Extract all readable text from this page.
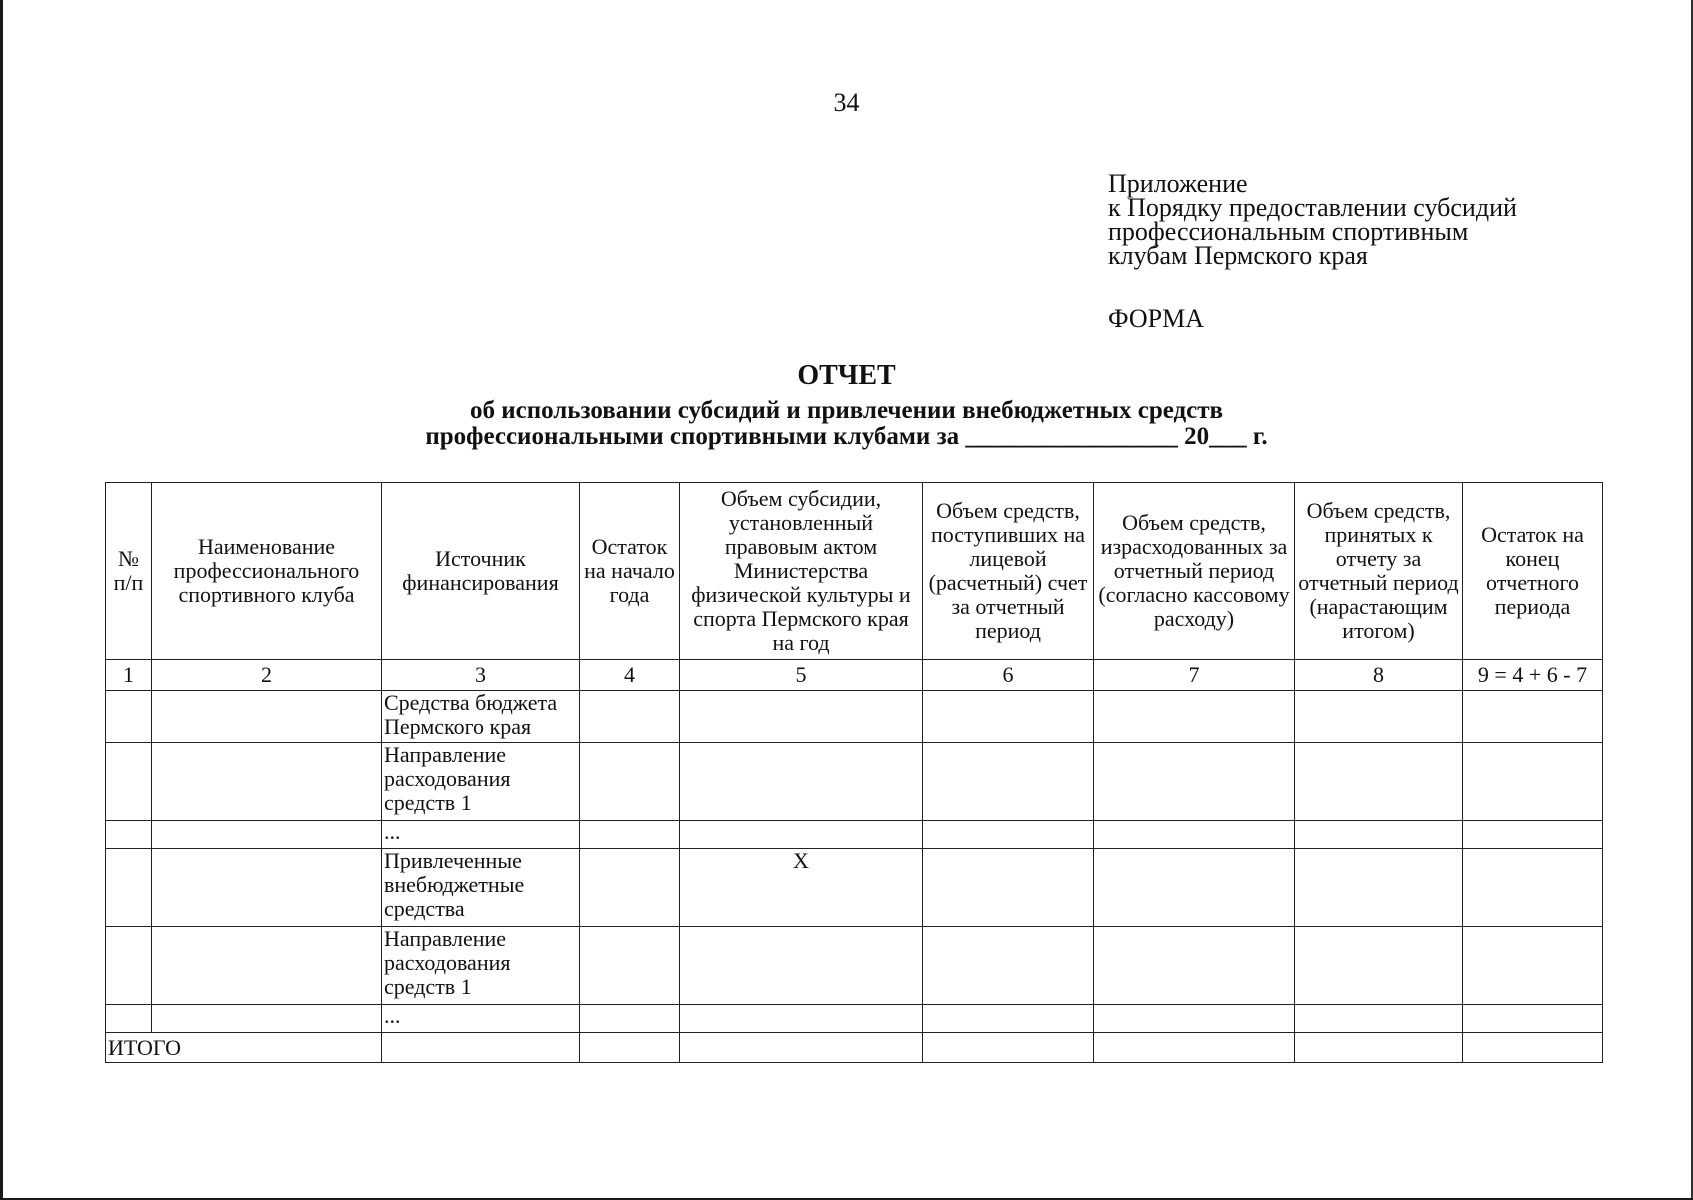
34
Приложение
к Порядку предоставлении субсидий
профессиональным спортивным
клубам Пермского края
ФОРМА
ОТЧЕТ
об использовании субсидий и привлечении внебюджетных средств
профессиональными спортивными клубами за _________________ 20___ г.
№ п/п	Наименование профессионального спортивного клуба	Источник финансирования	Остаток на начало года	Объем субсидии, установленный правовым актом Министерства физической культуры и спорта Пермского края на год	Объем средств, поступивших на лицевой (расчетный) счет за отчетный период	Объем средств, израсходованных за отчетный период (согласно кассовому расходу)	Объем средств, принятых к отчету за отчетный период (нарастающим итогом)	Остаток на конец отчетного периода
1	2	3	4	5	6	7	8	9 = 4 + 6 - 7
		Средства бюджета Пермского края						
		Направление расходования средств 1						
		...						
		Привлеченные внебюджетные средства		X				
		Направление расходования средств 1						
		...						
ИТОГО								
